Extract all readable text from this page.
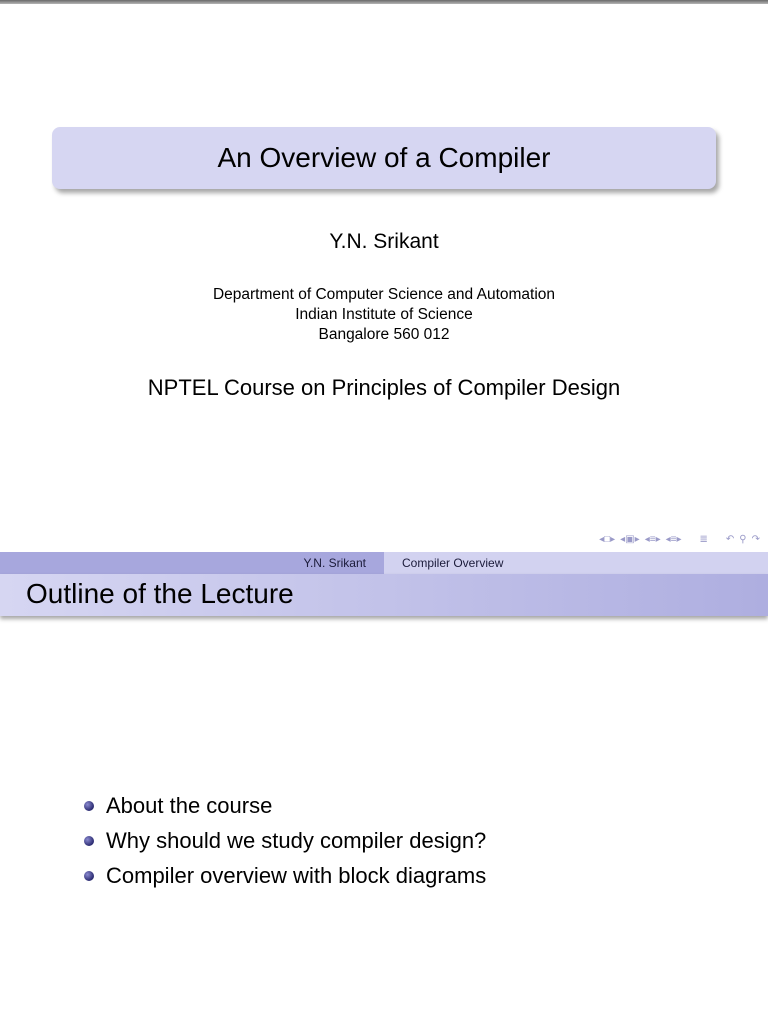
An Overview of a Compiler
Y.N. Srikant
Department of Computer Science and Automation
Indian Institute of Science
Bangalore 560 012
NPTEL Course on Principles of Compiler Design
◂□▸ ◂▣▸ ◂≡▸ ◂≡▸ ≣ ↶ ⚲ ↷
Y.N. Srikant	Compiler Overview
Outline of the Lecture
About the course
Why should we study compiler design?
Compiler overview with block diagrams
